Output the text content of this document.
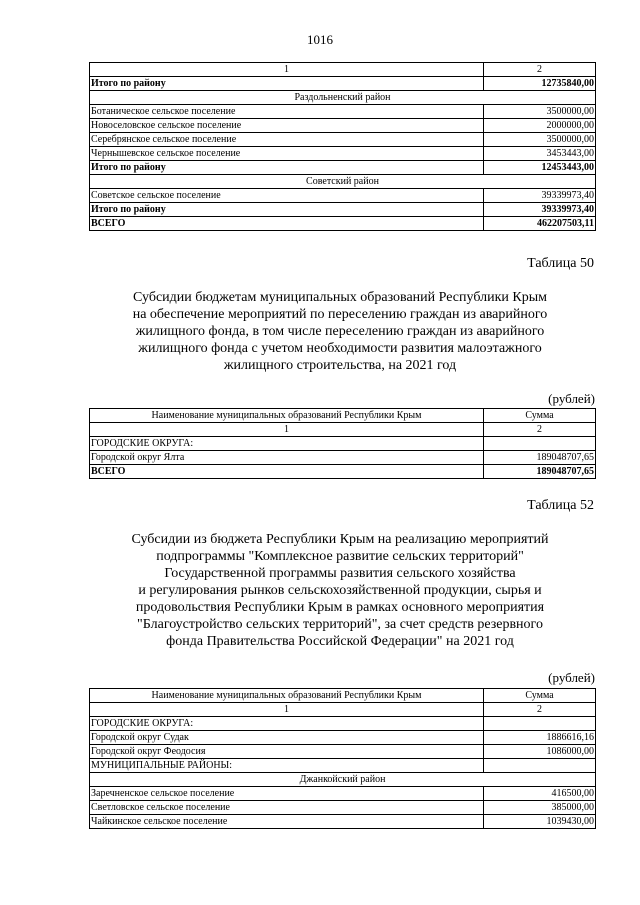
1016
1	2
Итого по району	12735840,00
Раздольненский район	
Ботаническое сельское поселение	3500000,00
Новоселовское сельское поселение	2000000,00
Серебрянское сельское поселение	3500000,00
Чернышевское сельское поселение	3453443,00
Итого по району	12453443,00
Советский район	
Советское сельское поселение	39339973,40
Итого по району	39339973,40
ВСЕГО	462207503,11
Таблица 50
Субсидии бюджетам муниципальных образований Республики Крым
на обеспечение мероприятий по переселению граждан из аварийного
жилищного фонда, в том числе переселению граждан из аварийного
жилищного фонда с учетом необходимости развития малоэтажного
жилищного строительства, на 2021 год
(рублей)
Наименование муниципальных образований Республики Крым	Сумма
1	2
ГОРОДСКИЕ ОКРУГА:	
Городской округ Ялта	189048707,65
ВСЕГО	189048707,65
Таблица 52
Субсидии из бюджета Республики Крым на реализацию мероприятий
подпрограммы "Комплексное развитие сельских территорий"
Государственной программы развития сельского хозяйства
и регулирования рынков сельскохозяйственной продукции, сырья и
продовольствия Республики Крым в рамках основного мероприятия
"Благоустройство сельских территорий", за счет средств резервного
фонда Правительства Российской Федерации" на 2021 год
(рублей)
Наименование муниципальных образований Республики Крым	Сумма
1	2
ГОРОДСКИЕ ОКРУГА:	
Городской округ Судак	1886616,16
Городской округ Феодосия	1086000,00
МУНИЦИПАЛЬНЫЕ РАЙОНЫ:	
Джанкойский район	
Заречненское сельское поселение	416500,00
Светловское сельское поселение	385000,00
Чайкинское сельское поселение	1039430,00
